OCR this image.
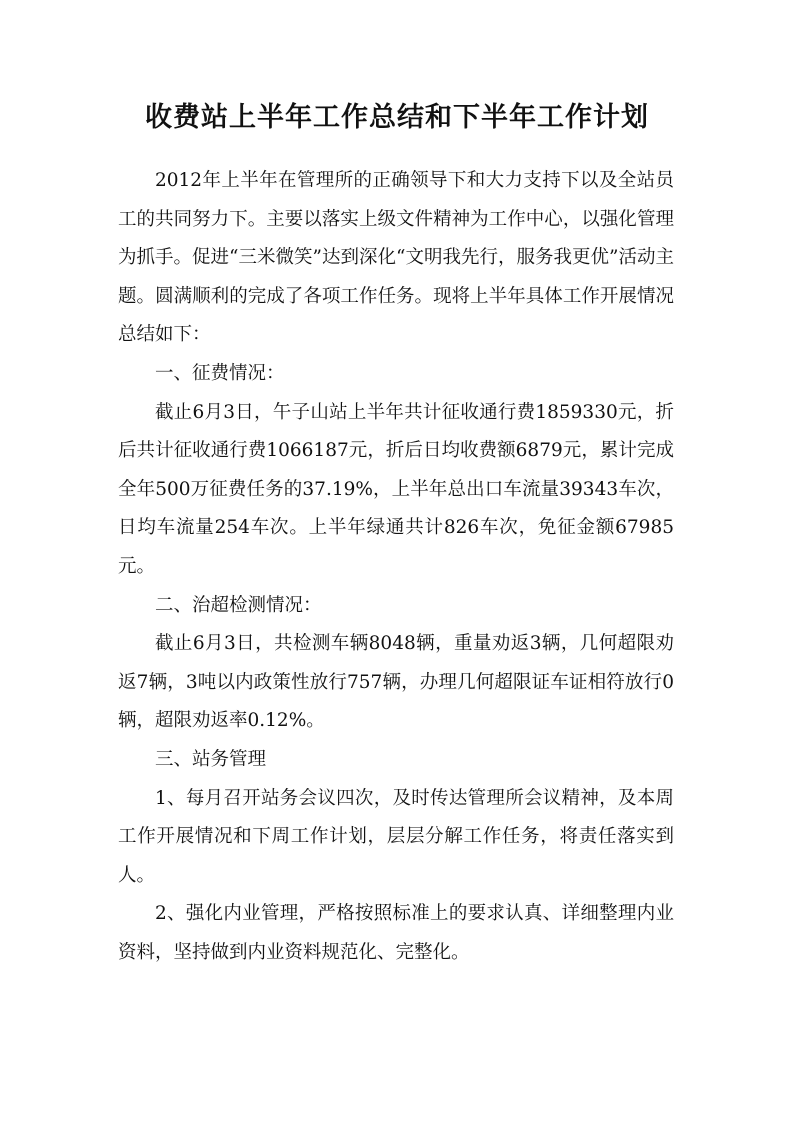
收费站上半年工作总结和下半年工作计划

2012年上半年在管理所的正确领导下和大力支持下以及全站员工的共同努力下。主要以落实上级文件精神为工作中心，以强化管理为抓手。促进“三米微笑”达到深化“文明我先行，服务我更优”活动主题。圆满顺利的完成了各项工作任务。现将上半年具体工作开展情况总结如下：

一、征费情况：

截止6月3日，午子山站上半年共计征收通行费1859330元，折后共计征收通行费1066187元，折后日均收费额6879元，累计完成全年500万征费任务的37.19%，上半年总出口车流量39343车次，日均车流量254车次。上半年绿通共计826车次，免征金额67985元。

二、治超检测情况：

截止6月3日，共检测车辆8048辆，重量劝返3辆，几何超限劝返7辆，3吨以内政策性放行757辆，办理几何超限证车证相符放行0辆，超限劝返率0.12%。

三、站务管理

1、每月召开站务会议四次，及时传达管理所会议精神，及本周工作开展情况和下周工作计划，层层分解工作任务，将责任落实到人。

2、强化内业管理，严格按照标准上的要求认真、详细整理内业资料，坚持做到内业资料规范化、完整化。
